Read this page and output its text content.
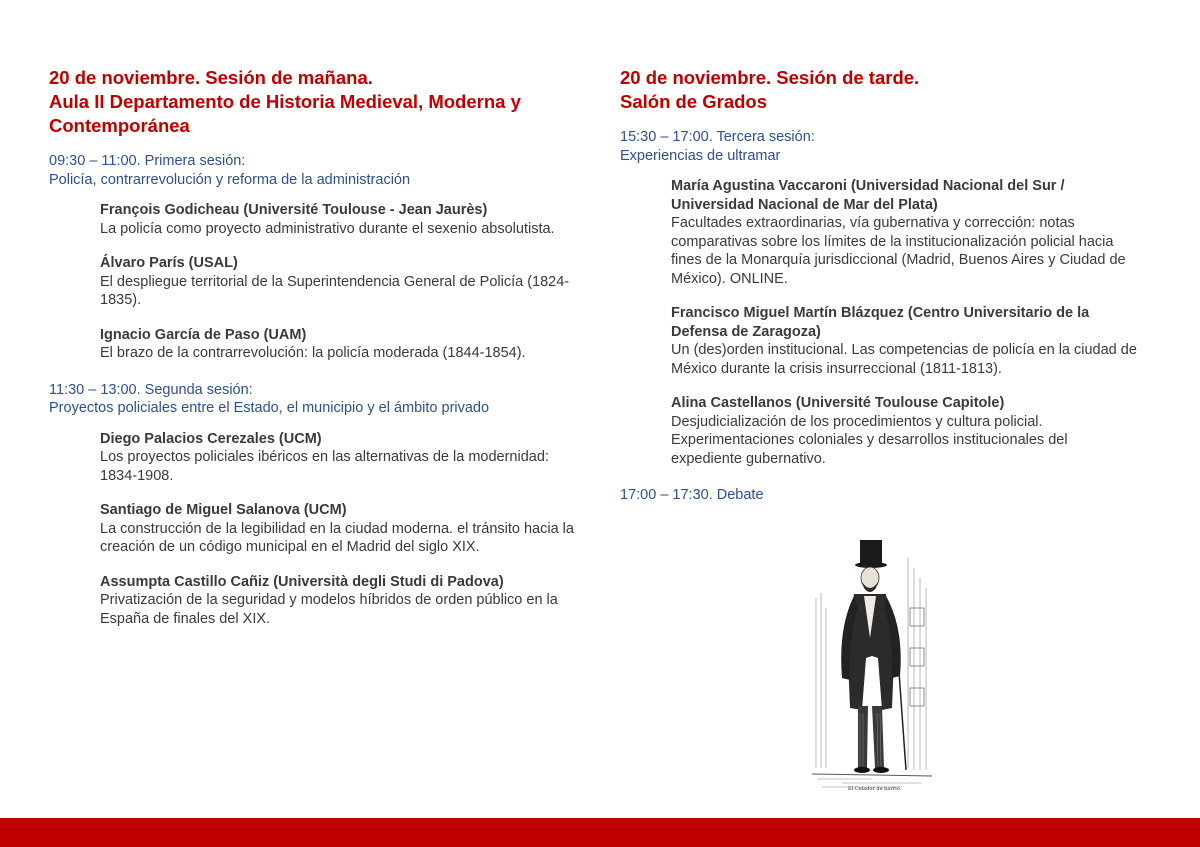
20 de noviembre. Sesión de mañana.
Aula II Departamento de Historia Medieval, Moderna y
Contemporánea
09:30 – 11:00. Primera sesión:
Policía, contrarrevolución y reforma de la administración
François Godicheau (Université Toulouse - Jean Jaurès)
La policía como proyecto administrativo durante el sexenio absolutista.
Álvaro París (USAL)
El despliegue territorial de la Superintendencia General de Policía (1824-1835).
Ignacio García de Paso (UAM)
El brazo de la contrarrevolución: la policía moderada (1844-1854).
11:30 – 13:00. Segunda sesión:
Proyectos policiales entre el Estado, el municipio y el ámbito privado
Diego Palacios Cerezales (UCM)
Los proyectos policiales ibéricos en las alternativas de la modernidad: 1834-1908.
Santiago de Miguel Salanova (UCM)
La construcción de la legibilidad en la ciudad moderna. el tránsito hacia la creación de un código municipal en el Madrid del siglo XIX.
Assumpta Castillo Cañiz (Università degli Studi di Padova)
Privatización de la seguridad y modelos híbridos de orden público en la España de finales del XIX.
20 de noviembre. Sesión de tarde.
Salón de Grados
15:30 – 17:00. Tercera sesión:
Experiencias de ultramar
María Agustina Vaccaroni (Universidad Nacional del Sur / Universidad Nacional de Mar del Plata)
Facultades extraordinarias, vía gubernativa y corrección: notas comparativas sobre los límites de la institucionalización policial hacia fines de la Monarquía jurisdiccional (Madrid, Buenos Aires y Ciudad de México). ONLINE.
Francisco Miguel Martín Blázquez (Centro Universitario de la Defensa de Zaragoza)
Un (des)orden institucional. Las competencias de policía en la ciudad de México durante la crisis insurreccional (1811-1813).
Alina Castellanos (Université Toulouse Capitole)
Desjudicialización de los procedimientos y cultura policial. Experimentaciones coloniales y desarrollos institucionales del expediente gubernativo.
17:00 – 17:30. Debate
El Celador de barrio.
